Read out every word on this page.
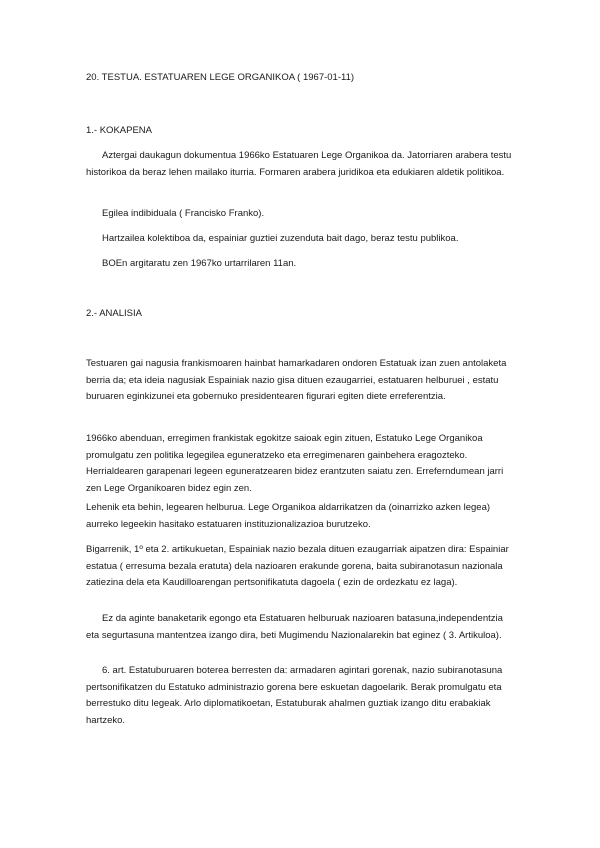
20. TESTUA. ESTATUAREN LEGE ORGANIKOA ( 1967-01-11)

1.- KOKAPENA

Aztergai daukagun dokumentua 1966ko Estatuaren Lege Organikoa da. Jatorriaren arabera testu historikoa da beraz lehen mailako iturria. Formaren arabera juridikoa eta edukiaren aldetik politikoa.

Egilea indibiduala ( Francisko Franko).

Hartzailea kolektiboa da, espainiar guztiei zuzenduta bait dago, beraz testu publikoa.

BOEn argitaratu zen 1967ko urtarrilaren 11an.

2.- ANALISIA

Testuaren gai nagusia frankismoaren hainbat hamarkadaren ondoren Estatuak izan zuen antolaketa berria da; eta ideia nagusiak Espainiak nazio gisa dituen ezaugarriei, estatuaren helburuei , estatu buruaren eginkizunei eta gobernuko presidentearen figurari egiten diete erreferentzia.

1966ko abenduan, erregimen frankistak egokitze saioak egin zituen, Estatuko Lege Organikoa promulgatu zen politika legegilea eguneratzeko eta erregimenaren gainbehera eragozteko. Herrialdearen garapenari legeen eguneratzearen bidez erantzuten saiatu zen. Erreferndumean jarri zen Lege Organikoaren bidez egin zen.

Lehenik eta behin, legearen helburua. Lege Organikoa aldarrikatzen da (oinarrizko azken legea) aurreko legeekin hasitako estatuaren instituzionalizazioa burutzeko.

Bigarrenik, 1º eta 2. artikukuetan, Espainiak nazio bezala dituen ezaugarriak aipatzen dira: Espainiar estatua ( erresuma bezala eratuta) dela nazioaren erakunde gorena, baita subiranotasun nazionala zatiezina dela eta Kaudilloarengan pertsonifikatuta dagoela ( ezin de ordezkatu ez laga).

Ez da aginte banaketarik egongo eta Estatuaren helburuak nazioaren batasuna,independentzia eta segurtasuna mantentzea izango dira, beti Mugimendu Nazionalarekin bat eginez ( 3. Artikuloa).

6. art. Estatuburuaren boterea berresten da: armadaren agintari gorenak, nazio subiranotasuna pertsonifikatzen du Estatuko administrazio gorena bere eskuetan dagoelarik. Berak promulgatu eta berrestuko ditu legeak. Arlo diplomatikoetan, Estatuburak ahalmen guztiak izango ditu erabakiak hartzeko.
